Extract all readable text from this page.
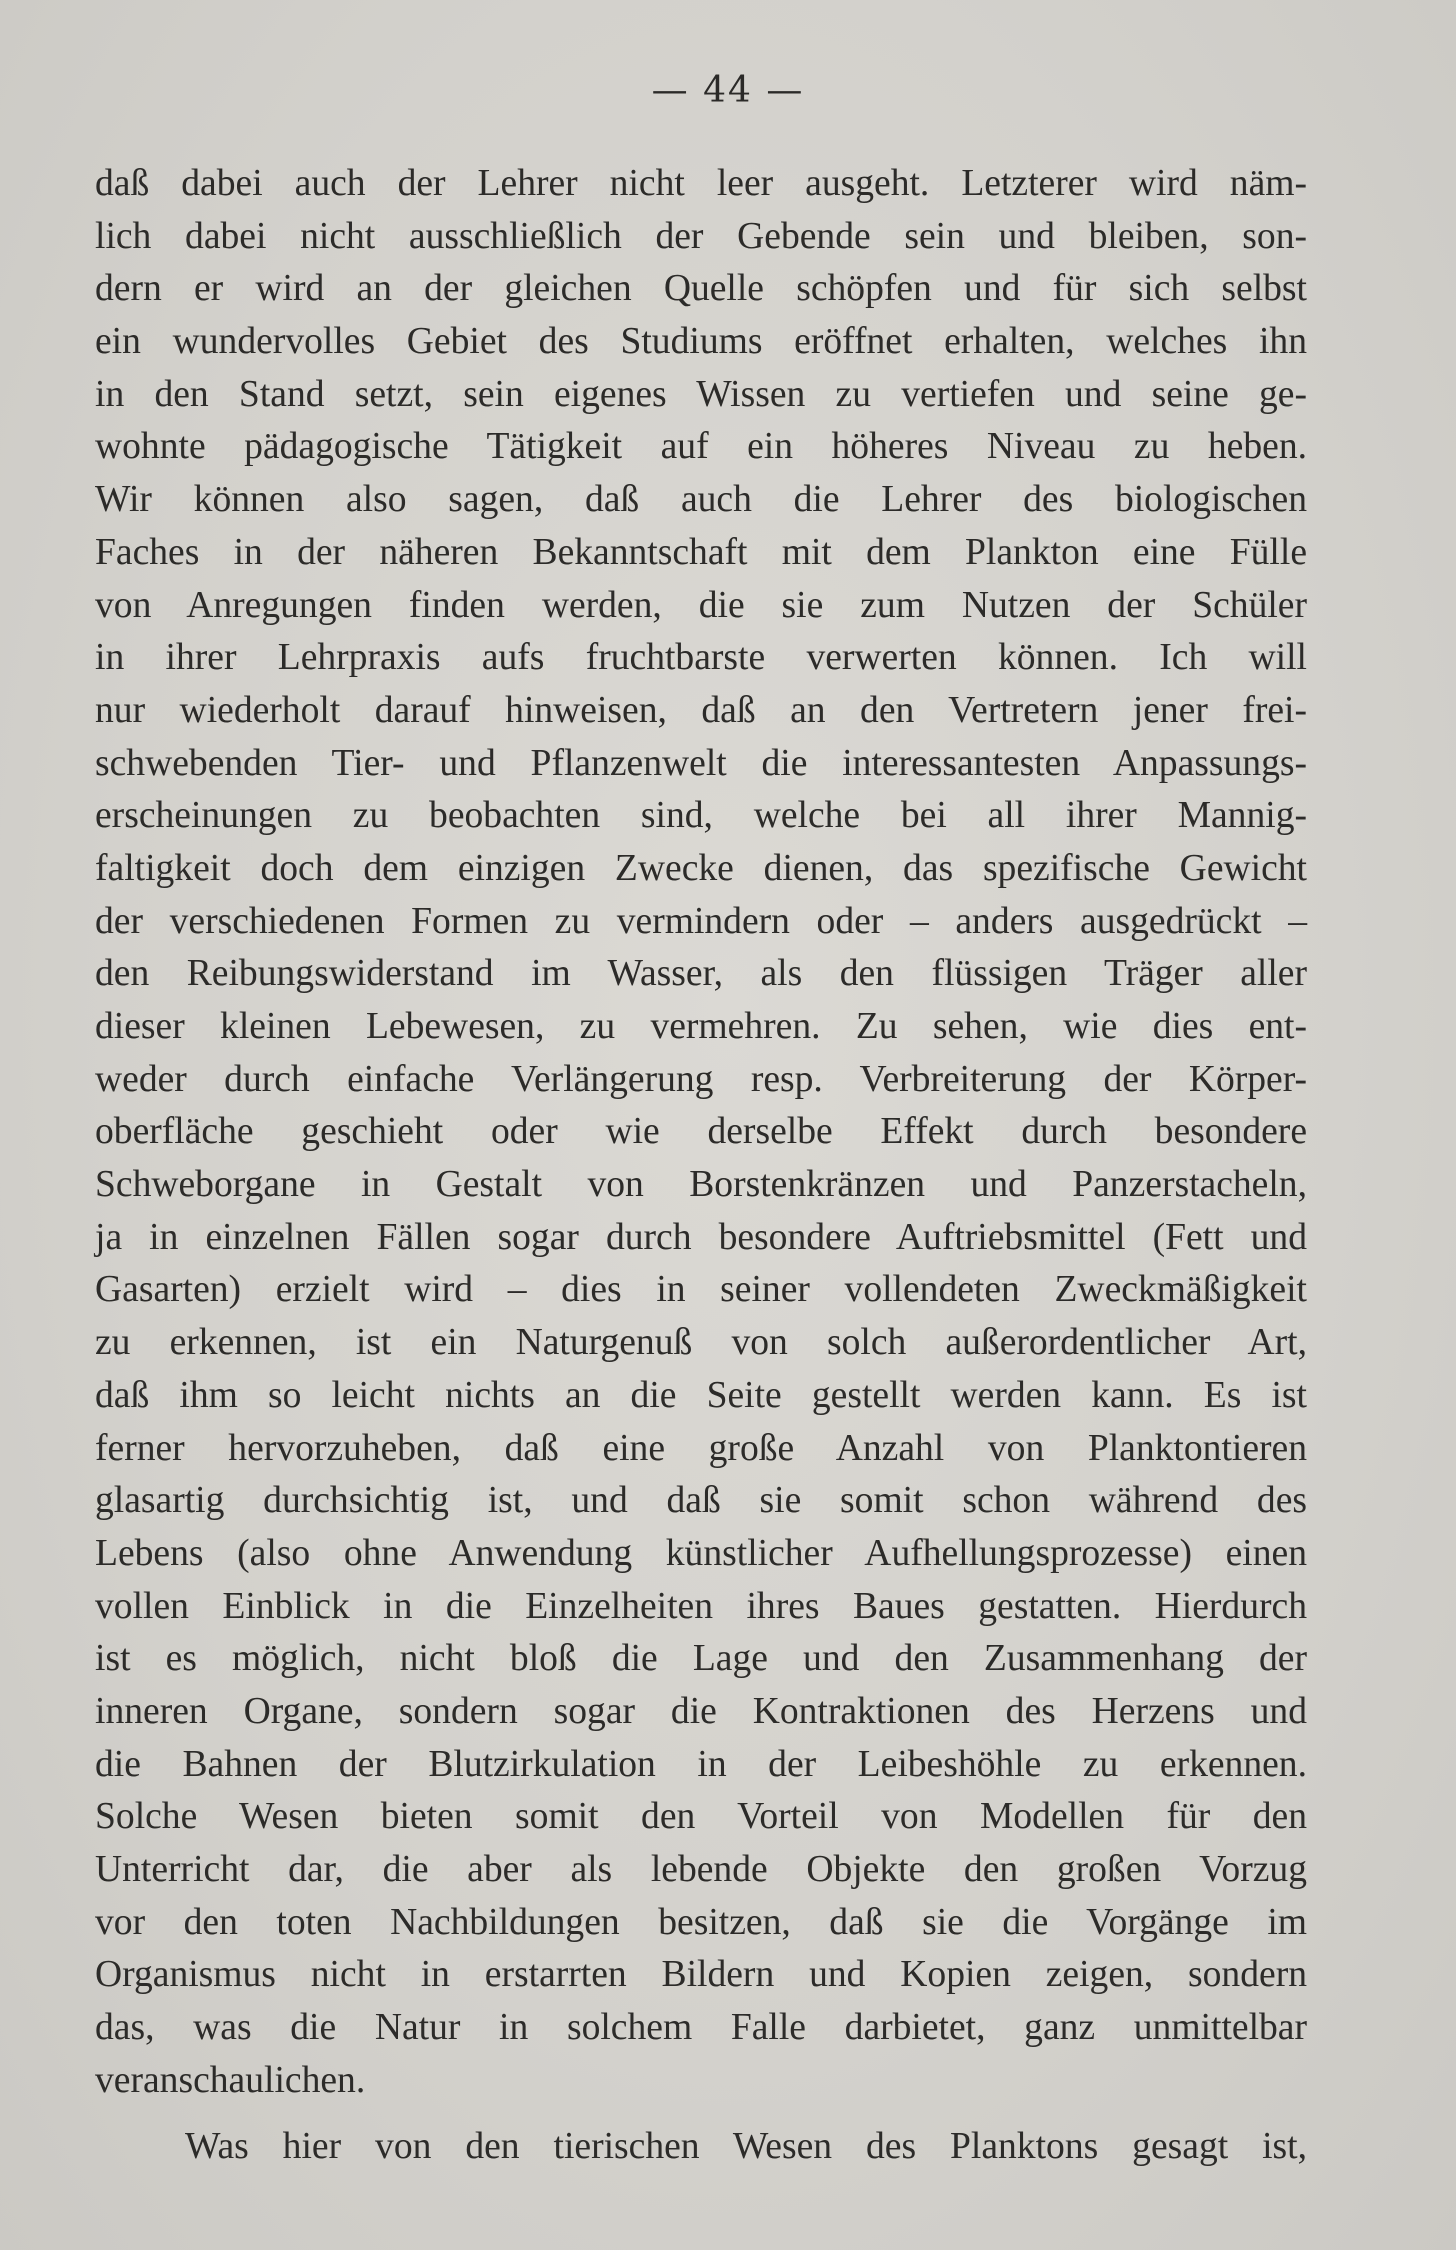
— 44 —
daß dabei auch der Lehrer nicht leer ausgeht. Letzterer wird näm-
lich dabei nicht ausschließlich der Gebende sein und bleiben, son-
dern er wird an der gleichen Quelle schöpfen und für sich selbst
ein wundervolles Gebiet des Studiums eröffnet erhalten, welches ihn
in den Stand setzt, sein eigenes Wissen zu vertiefen und seine ge-
wohnte pädagogische Tätigkeit auf ein höheres Niveau zu heben.
Wir können also sagen, daß auch die Lehrer des biologischen
Faches in der näheren Bekanntschaft mit dem Plankton eine Fülle
von Anregungen finden werden, die sie zum Nutzen der Schüler
in ihrer Lehrpraxis aufs fruchtbarste verwerten können. Ich will
nur wiederholt darauf hinweisen, daß an den Vertretern jener frei-
schwebenden Tier- und Pflanzenwelt die interessantesten Anpassungs-
erscheinungen zu beobachten sind, welche bei all ihrer Mannig-
faltigkeit doch dem einzigen Zwecke dienen, das spezifische Gewicht
der verschiedenen Formen zu vermindern oder – anders ausgedrückt –
den Reibungswiderstand im Wasser, als den flüssigen Träger aller
dieser kleinen Lebewesen, zu vermehren. Zu sehen, wie dies ent-
weder durch einfache Verlängerung resp. Verbreiterung der Körper-
oberfläche geschieht oder wie derselbe Effekt durch besondere
Schweborgane in Gestalt von Borstenkränzen und Panzerstacheln,
ja in einzelnen Fällen sogar durch besondere Auftriebsmittel (Fett und
Gasarten) erzielt wird – dies in seiner vollendeten Zweckmäßigkeit
zu erkennen, ist ein Naturgenuß von solch außerordentlicher Art,
daß ihm so leicht nichts an die Seite gestellt werden kann. Es ist
ferner hervorzuheben, daß eine große Anzahl von Planktontieren
glasartig durchsichtig ist, und daß sie somit schon während des
Lebens (also ohne Anwendung künstlicher Aufhellungsprozesse) einen
vollen Einblick in die Einzelheiten ihres Baues gestatten. Hierdurch
ist es möglich, nicht bloß die Lage und den Zusammenhang der
inneren Organe, sondern sogar die Kontraktionen des Herzens und
die Bahnen der Blutzirkulation in der Leibeshöhle zu erkennen.
Solche Wesen bieten somit den Vorteil von Modellen für den
Unterricht dar, die aber als lebende Objekte den großen Vorzug
vor den toten Nachbildungen besitzen, daß sie die Vorgänge im
Organismus nicht in erstarrten Bildern und Kopien zeigen, sondern
das, was die Natur in solchem Falle darbietet, ganz unmittelbar
veranschaulichen.
Was hier von den tierischen Wesen des Planktons gesagt ist,
